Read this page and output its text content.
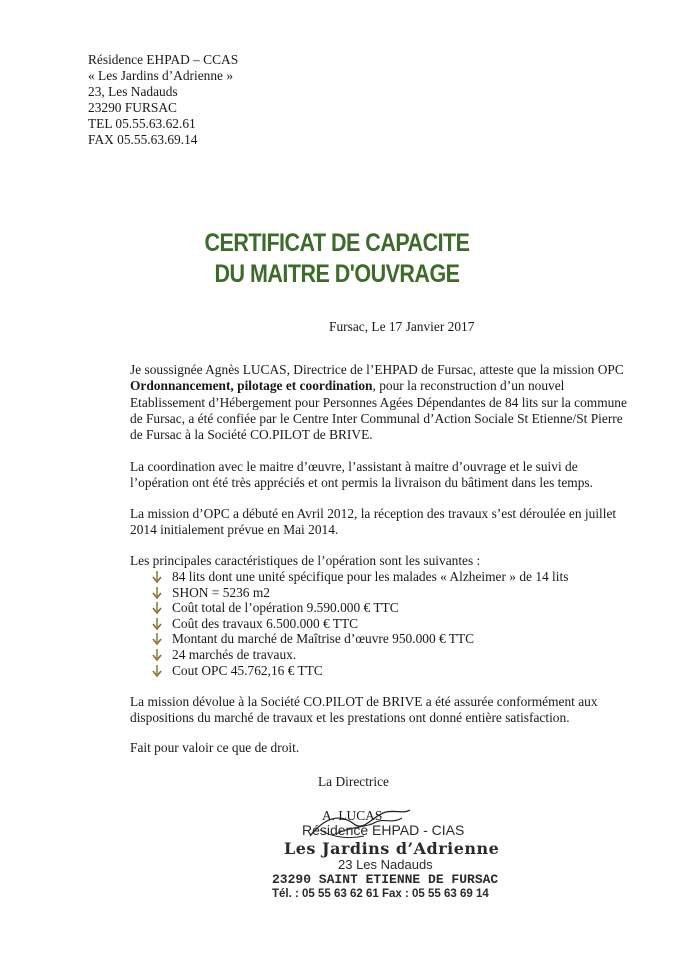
Résidence EHPAD – CCAS
« Les Jardins d’Adrienne »
23, Les Nadauds
23290 FURSAC
TEL 05.55.63.62.61
FAX 05.55.63.69.14
CERTIFICAT DE CAPACITE
DU MAITRE D'OUVRAGE
Fursac, Le 17 Janvier 2017
Je soussignée Agnès LUCAS, Directrice de l’EHPAD de Fursac, atteste que la mission OPC Ordonnancement, pilotage et coordination, pour la reconstruction d’un nouvel Etablissement d’Hébergement pour Personnes Agées Dépendantes de 84 lits sur la commune de Fursac, a été confiée par le Centre Inter Communal d’Action Sociale St Etienne/St Pierre de Fursac à la Société CO.PILOT de BRIVE.
La coordination avec le maitre d’œuvre, l’assistant à maitre d’ouvrage et le suivi de l’opération ont été très appréciés et ont permis la livraison du bâtiment dans les temps.
La mission d’OPC a débuté en Avril 2012, la réception des travaux s’est déroulée en juillet 2014 initialement prévue en Mai 2014.
Les principales caractéristiques de l’opération sont les suivantes :
84 lits dont une unité spécifique pour les malades « Alzheimer » de 14 lits
SHON = 5236 m2
Coût total de l’opération 9.590.000 € TTC
Coût des travaux 6.500.000 € TTC
Montant du marché de Maîtrise d’œuvre 950.000 € TTC
24 marchés de travaux.
Cout OPC 45.762,16 € TTC
La mission dévolue à la Société CO.PILOT de BRIVE a été assurée conformément aux dispositions du marché de travaux et les prestations ont donné entière satisfaction.
Fait pour valoir ce que de droit.
La Directrice
A. LUCAS
Résidence EHPAD - CIAS
Les Jardins d’Adrienne
23 Les Nadauds
23290 SAINT ETIENNE DE FURSAC
Tél. : 05 55 63 62 61 Fax : 05 55 63 69 14
